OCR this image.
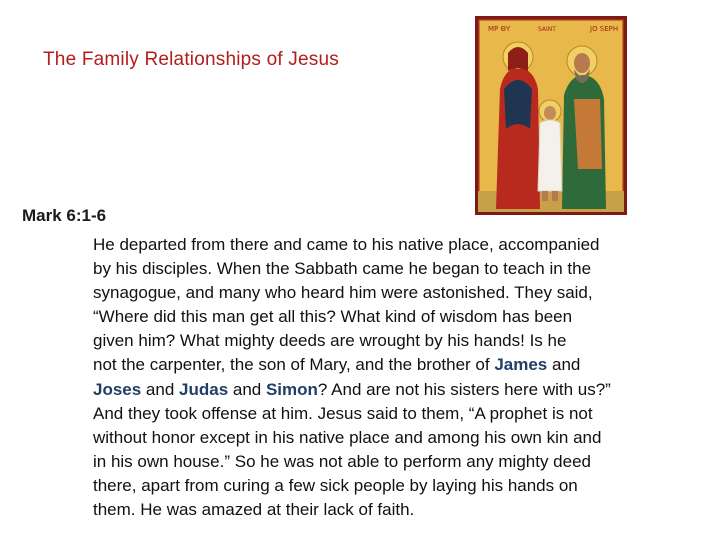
The Family Relationships of Jesus
ΜΡ ΘΥ	SAINT	JO SEPH
Mark 6:1-6
He departed from there and came to his native place, accompanied
by his disciples. When the Sabbath came he began to teach in the
synagogue, and many who heard him were astonished. They said,
“Where did this man get all this? What kind of wisdom has been
given him? What mighty deeds are wrought by his hands! Is he
not the carpenter, the son of Mary, and the brother of James and
Joses and Judas and Simon? And are not his sisters here with us?”
And they took offense at him. Jesus said to them, “A prophet is not
without honor except in his native place and among his own kin and
in his own house.” So he was not able to perform any mighty deed
there, apart from curing a few sick people by laying his hands on
them. He was amazed at their lack of faith.
